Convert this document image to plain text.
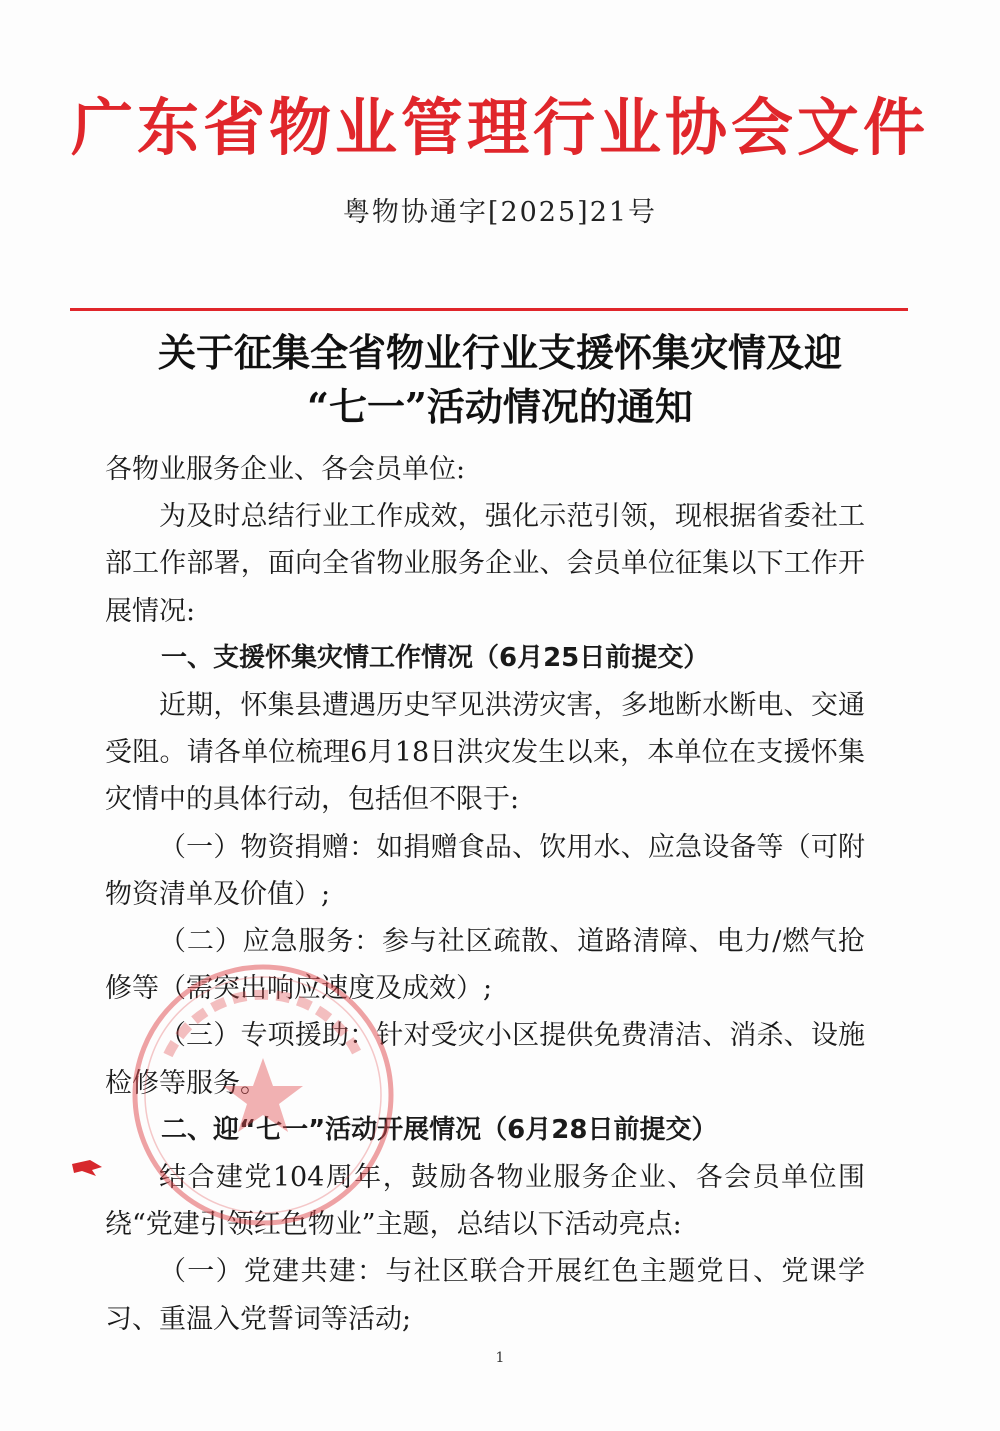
广东省物业管理行业协会文件
粤物协通字[2025]21号
关于征集全省物业行业支援怀集灾情及迎
“七一”活动情况的通知

各物业服务企业、各会员单位:

为及时总结行业工作成效，强化示范引领，现根据省委社工部工作部署，面向全省物业服务企业、会员单位征集以下工作开展情况:

一、支援怀集灾情工作情况（6月25日前提交）

近期，怀集县遭遇历史罕见洪涝灾害，多地断水断电、交通受阻。请各单位梳理6月18日洪灾发生以来，本单位在支援怀集灾情中的具体行动，包括但不限于:

（一）物资捐赠：如捐赠食品、饮用水、应急设备等（可附物资清单及价值）;

（二）应急服务：参与社区疏散、道路清障、电力/燃气抢修等（需突出响应速度及成效）;

（三）专项援助：针对受灾小区提供免费清洁、消杀、设施检修等服务。

二、迎“七一”活动开展情况（6月28日前提交）

结合建党104周年，鼓励各物业服务企业、各会员单位围绕“党建引领红色物业”主题，总结以下活动亮点:

（一）党建共建：与社区联合开展红色主题党日、党课学习、重温入党誓词等活动;

1
